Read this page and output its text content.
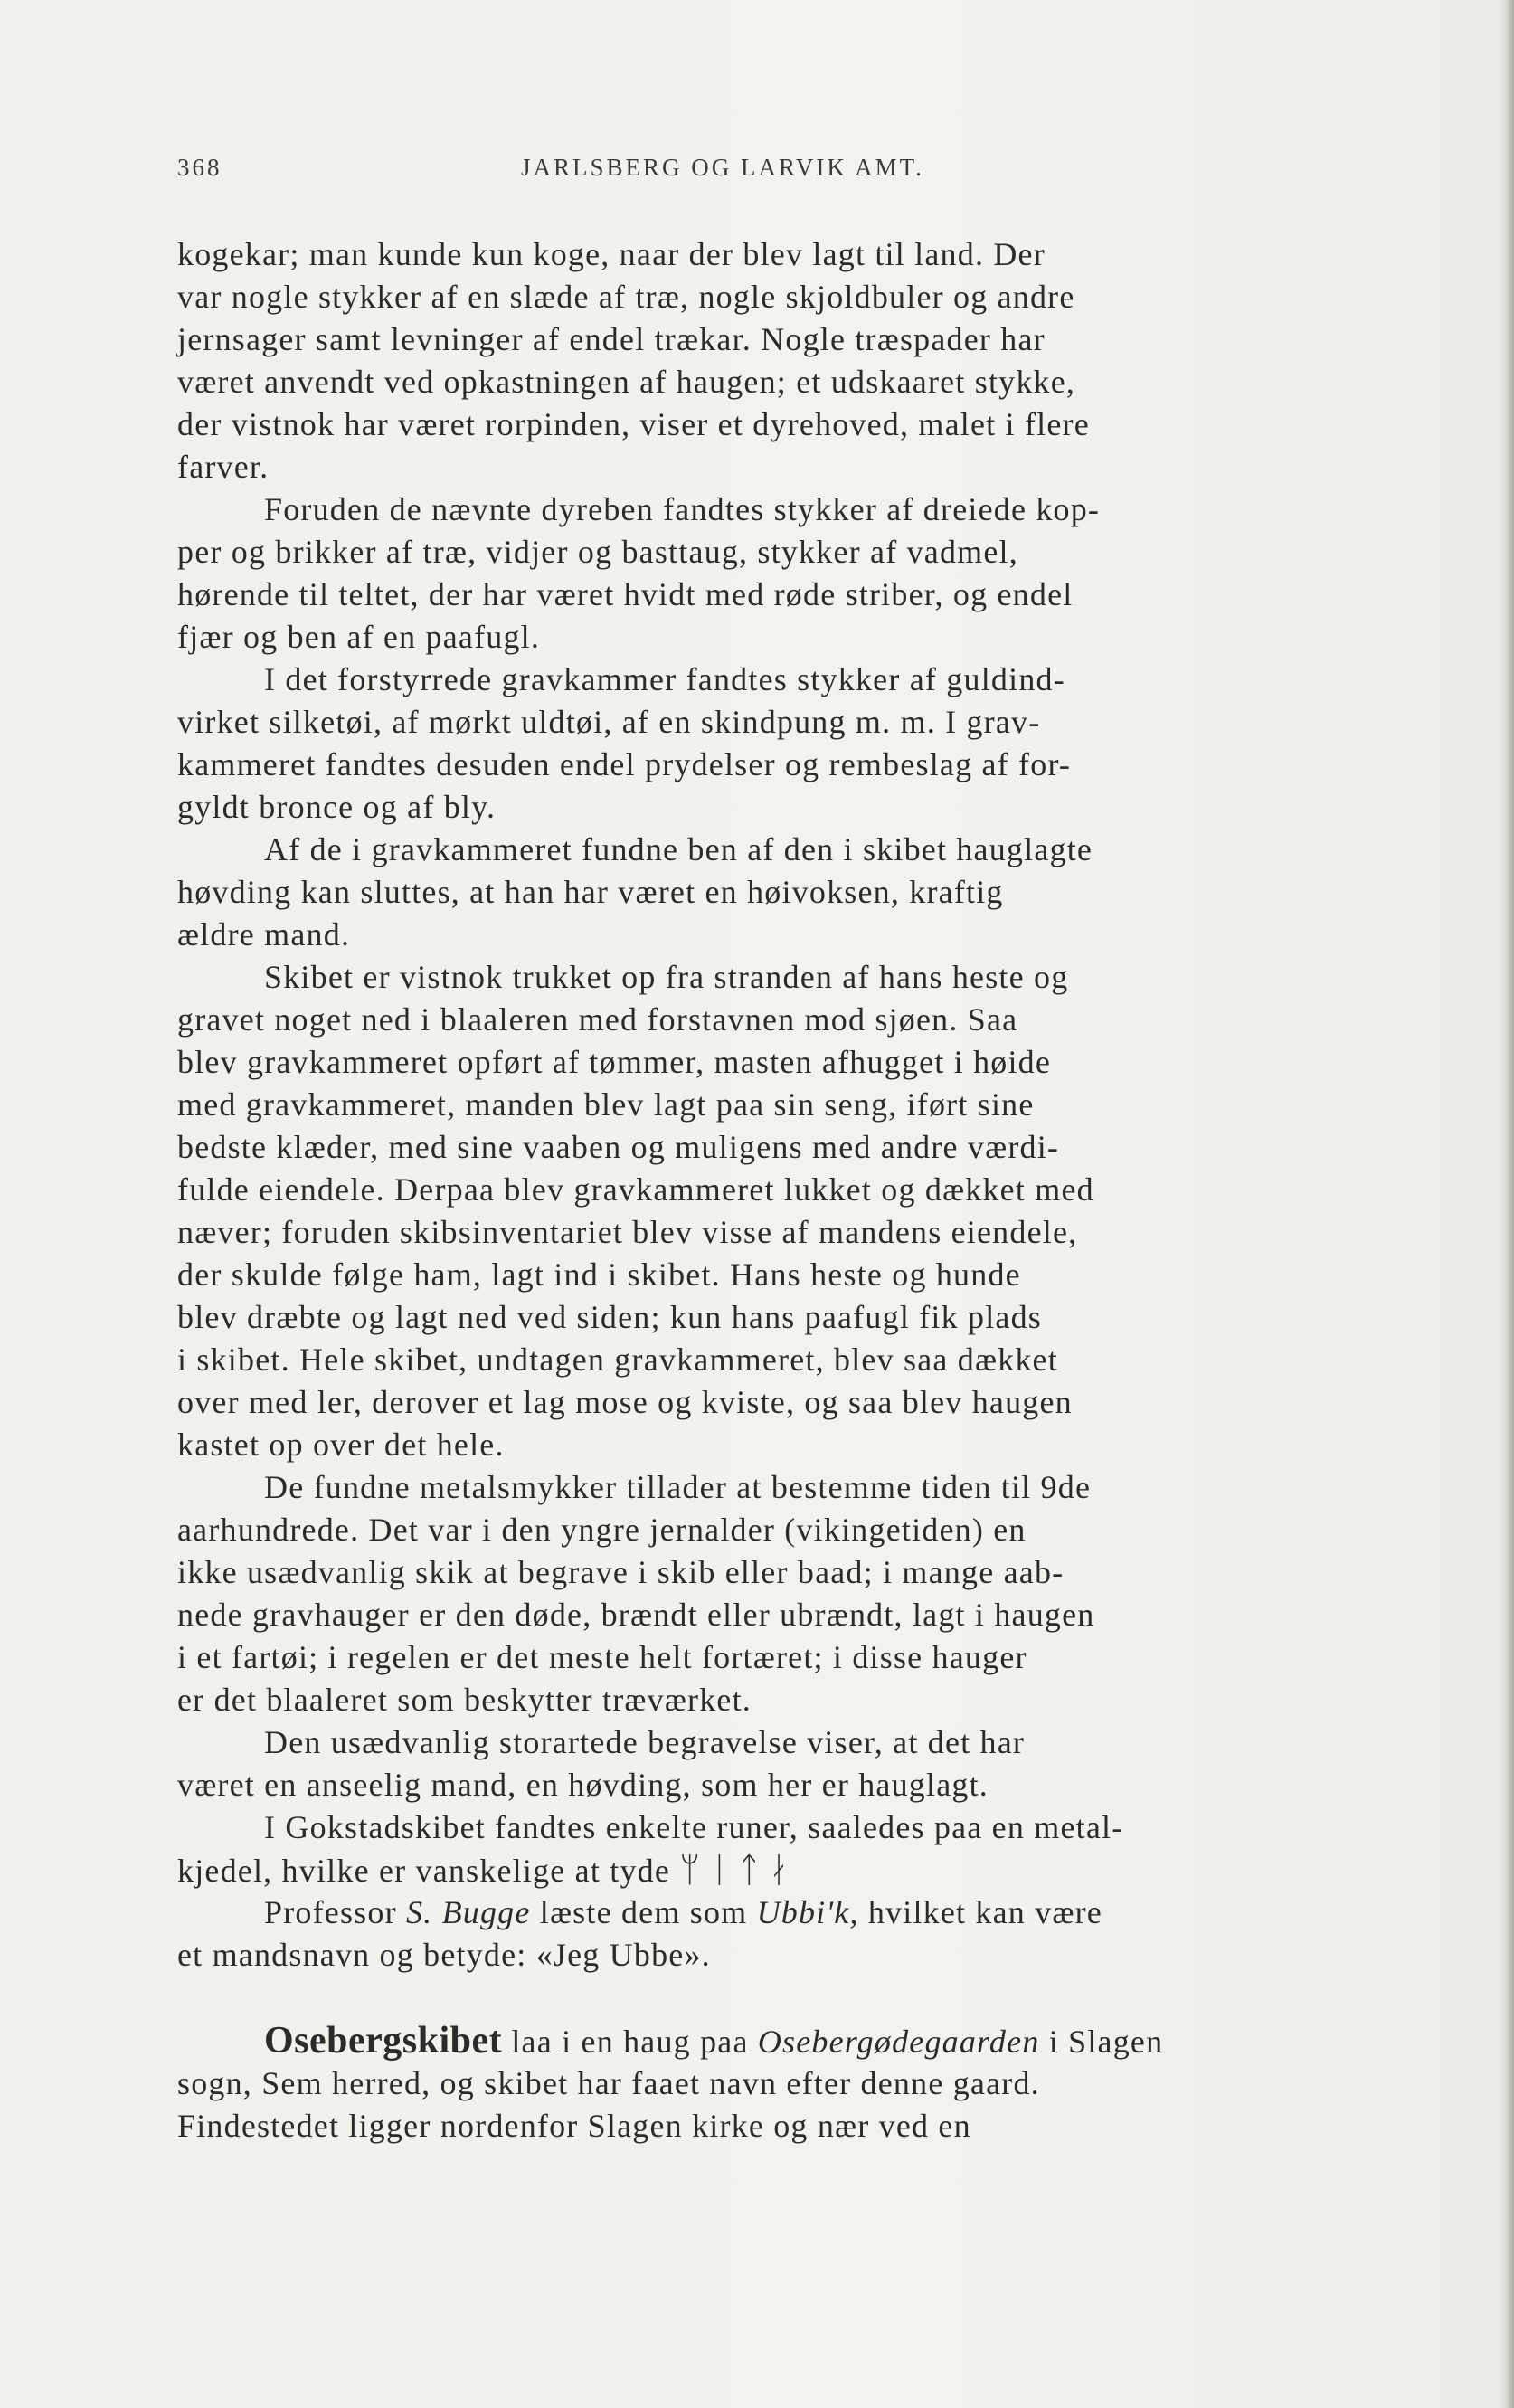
368	JARLSBERG OG LARVIK AMT.
kogekar; man kunde kun koge, naar der blev lagt til land. Der
var nogle stykker af en slæde af træ, nogle skjoldbuler og andre
jernsager samt levninger af endel trækar. Nogle træspader har
været anvendt ved opkastningen af haugen; et udskaaret stykke,
der vistnok har været rorpinden, viser et dyrehoved, malet i flere
farver.
Foruden de nævnte dyreben fandtes stykker af dreiede kop-
per og brikker af træ, vidjer og basttaug, stykker af vadmel,
hørende til teltet, der har været hvidt med røde striber, og endel
fjær og ben af en paafugl.
I det forstyrrede gravkammer fandtes stykker af guldind-
virket silketøi, af mørkt uldtøi, af en skindpung m. m. I grav-
kammeret fandtes desuden endel prydelser og rembeslag af for-
gyldt bronce og af bly.
Af de i gravkammeret fundne ben af den i skibet hauglagte
høvding kan sluttes, at han har været en høivoksen, kraftig
ældre mand.
Skibet er vistnok trukket op fra stranden af hans heste og
gravet noget ned i blaaleren med forstavnen mod sjøen. Saa
blev gravkammeret opført af tømmer, masten afhugget i høide
med gravkammeret, manden blev lagt paa sin seng, iført sine
bedste klæder, med sine vaaben og muligens med andre værdi-
fulde eiendele. Derpaa blev gravkammeret lukket og dækket med
næver; foruden skibsinventariet blev visse af mandens eiendele,
der skulde følge ham, lagt ind i skibet. Hans heste og hunde
blev dræbte og lagt ned ved siden; kun hans paafugl fik plads
i skibet. Hele skibet, undtagen gravkammeret, blev saa dækket
over med ler, derover et lag mose og kviste, og saa blev haugen
kastet op over det hele.
De fundne metalsmykker tillader at bestemme tiden til 9de
aarhundrede. Det var i den yngre jernalder (vikingetiden) en
ikke usædvanlig skik at begrave i skib eller baad; i mange aab-
nede gravhauger er den døde, brændt eller ubrændt, lagt i haugen
i et fartøi; i regelen er det meste helt fortæret; i disse hauger
er det blaaleret som beskytter træværket.
Den usædvanlig storartede begravelse viser, at det har
været en anseelig mand, en høvding, som her er hauglagt.
I Gokstadskibet fandtes enkelte runer, saaledes paa en metal-
kjedel, hvilke er vanskelige at tyde ᛘᛁᛏᛅ
Professor S. Bugge læste dem som Ubbi'k, hvilket kan være
et mandsnavn og betyde: «Jeg Ubbe».
Osebergskibet laa i en haug paa Osebergødegaarden i Slagen
sogn, Sem herred, og skibet har faaet navn efter denne gaard.
Findestedet ligger nordenfor Slagen kirke og nær ved en
